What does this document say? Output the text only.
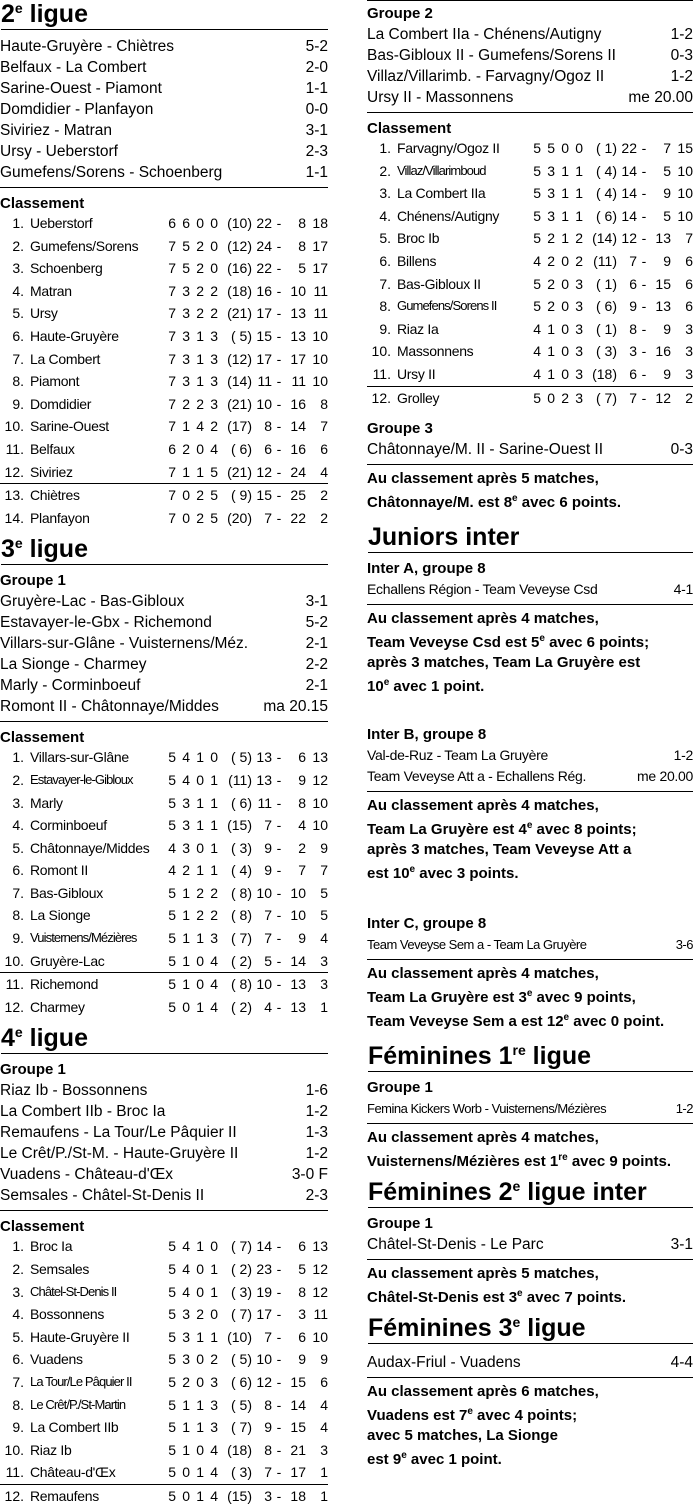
2e ligue
Haute-Gruyère - Chiètres	5-2
Belfaux - La Combert	2-0
Sarine-Ouest - Piamont	1-1
Domdidier - Planfayon	0-0
Siviriez - Matran	3-1
Ursy - Ueberstorf	2-3
Gumefens/Sorens - Schoenberg	1-1
Classement
1.	Ueberstorf	6	6	0	0	(10)	22	-	8	18
2.	Gumefens/Sorens	7	5	2	0	(12)	24	-	8	17
3.	Schoenberg	7	5	2	0	(16)	22	-	5	17
4.	Matran	7	3	2	2	(18)	16	-	10	11
5.	Ursy	7	3	2	2	(21)	17	-	13	11
6.	Haute-Gruyère	7	3	1	3	( 5)	15	-	13	10
7.	La Combert	7	3	1	3	(12)	17	-	17	10
8.	Piamont	7	3	1	3	(14)	11	-	11	10
9.	Domdidier	7	2	2	3	(21)	10	-	16	8
10.	Sarine-Ouest	7	1	4	2	(17)	8	-	14	7
11.	Belfaux	6	2	0	4	( 6)	6	-	16	6
12.	Siviriez	7	1	1	5	(21)	12	-	24	4
13.	Chiètres	7	0	2	5	( 9)	15	-	25	2
14.	Planfayon	7	0	2	5	(20)	7	-	22	2
3e ligue
Groupe 1
Gruyère-Lac - Bas-Gibloux	3-1
Estavayer-le-Gbx - Richemond	5-2
Villars-sur-Glâne - Vuisternens/Méz.	2-1
La Sionge - Charmey	2-2
Marly - Corminboeuf	2-1
Romont II - Châtonnaye/Middes	ma 20.15
Classement
1.	Villars-sur-Glâne	5	4	1	0	( 5)	13	-	6	13
2.	Estavayer-le-Gibloux	5	4	0	1	(11)	13	-	9	12
3.	Marly	5	3	1	1	( 6)	11	-	8	10
4.	Corminboeuf	5	3	1	1	(15)	7	-	4	10
5.	Châtonnaye/Middes	4	3	0	1	( 3)	9	-	2	9
6.	Romont II	4	2	1	1	( 4)	9	-	7	7
7.	Bas-Gibloux	5	1	2	2	( 8)	10	-	10	5
8.	La Sionge	5	1	2	2	( 8)	7	-	10	5
9.	Vuisternens/Mézières	5	1	1	3	( 7)	7	-	9	4
10.	Gruyère-Lac	5	1	0	4	( 2)	5	-	14	3
11.	Richemond	5	1	0	4	( 8)	10	-	13	3
12.	Charmey	5	0	1	4	( 2)	4	-	13	1
4e ligue
Groupe 1
Riaz Ib - Bossonnens	1-6
La Combert IIb - Broc Ia	1-2
Remaufens - La Tour/Le Pâquier II	1-3
Le Crêt/P./St-M. - Haute-Gruyère II	1-2
Vuadens - Château-d'Œx	3-0 F
Semsales - Châtel-St-Denis II	2-3
Classement
1.	Broc Ia	5	4	1	0	( 7)	14	-	6	13
2.	Semsales	5	4	0	1	( 2)	23	-	5	12
3.	Châtel-St-Denis II	5	4	0	1	( 3)	19	-	8	12
4.	Bossonnens	5	3	2	0	( 7)	17	-	3	11
5.	Haute-Gruyère II	5	3	1	1	(10)	7	-	6	10
6.	Vuadens	5	3	0	2	( 5)	10	-	9	9
7.	La Tour/Le Pâquier II	5	2	0	3	( 6)	12	-	15	6
8.	Le Crêt/P./St-Martin	5	1	1	3	( 5)	8	-	14	4
9.	La Combert IIb	5	1	1	3	( 7)	9	-	15	4
10.	Riaz Ib	5	1	0	4	(18)	8	-	21	3
11.	Château-d'Œx	5	0	1	4	( 3)	7	-	17	1
12.	Remaufens	5	0	1	4	(15)	3	-	18	1
Groupe 2
La Combert IIa - Chénens/Autigny	1-2
Bas-Gibloux II - Gumefens/Sorens II	0-3
Villaz/Villarimb. - Farvagny/Ogoz II	1-2
Ursy II - Massonnens	me 20.00
Classement
1.	Farvagny/Ogoz II	5	5	0	0	( 1)	22	-	7	15
2.	Villaz/Villarimboud	5	3	1	1	( 4)	14	-	5	10
3.	La Combert IIa	5	3	1	1	( 4)	14	-	9	10
4.	Chénens/Autigny	5	3	1	1	( 6)	14	-	5	10
5.	Broc Ib	5	2	1	2	(14)	12	-	13	7
6.	Billens	4	2	0	2	(11)	7	-	9	6
7.	Bas-Gibloux II	5	2	0	3	( 1)	6	-	15	6
8.	Gumefens/Sorens II	5	2	0	3	( 6)	9	-	13	6
9.	Riaz Ia	4	1	0	3	( 1)	8	-	9	3
10.	Massonnens	4	1	0	3	( 3)	3	-	16	3
11.	Ursy II	4	1	0	3	(18)	6	-	9	3
12.	Grolley	5	0	2	3	( 7)	7	-	12	2
Groupe 3
Châtonnaye/M. II - Sarine-Ouest II	0-3
Au classement après 5 matches,
Châtonnaye/M. est 8e avec 6 points.
Juniors inter
Inter A, groupe 8
Echallens Région - Team Veveyse Csd	4-1
Au classement après 4 matches,
Team Veveyse Csd est 5e avec 6 points;
après 3 matches, Team La Gruyère est
10e avec 1 point.
Inter B, groupe 8
Val-de-Ruz - Team La Gruyère	1-2
Team Veveyse Att a - Echallens Rég.	me 20.00
Au classement après 4 matches,
Team La Gruyère est 4e avec 8 points;
après 3 matches, Team Veveyse Att a
est 10e avec 3 points.
Inter C, groupe 8
Team Veveyse Sem a - Team La Gruyère	3-6
Au classement après 4 matches,
Team La Gruyère est 3e avec 9 points,
Team Veveyse Sem a est 12e avec 0 point.
Féminines 1re ligue
Groupe 1
Femina Kickers Worb - Vuisternens/Mézières	1-2
Au classement après 4 matches,
Vuisternens/Mézières est 1re avec 9 points.
Féminines 2e ligue inter
Groupe 1
Châtel-St-Denis - Le Parc	3-1
Au classement après 5 matches,
Châtel-St-Denis est 3e avec 7 points.
Féminines 3e ligue
Audax-Friul - Vuadens	4-4
Au classement après 6 matches,
Vuadens est 7e avec 4 points;
avec 5 matches, La Sionge
est 9e avec 1 point.
